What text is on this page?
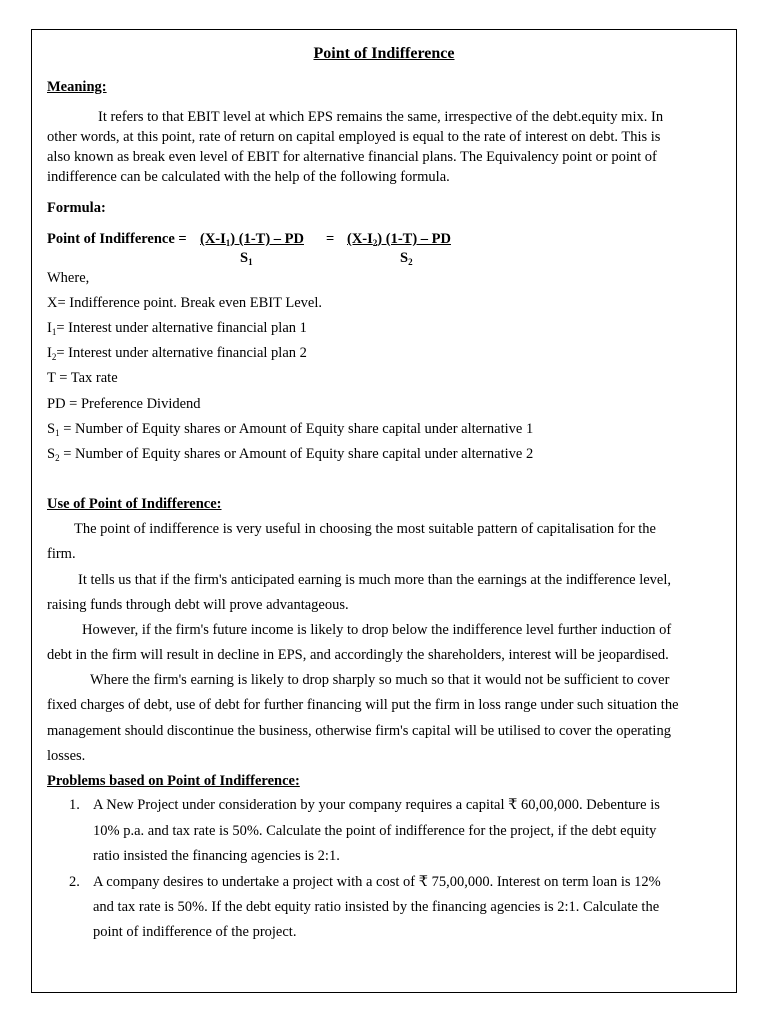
Point of Indifference
Meaning:
It refers to that EBIT level at which EPS remains the same, irrespective of the debt.equity mix. In
other words, at this point, rate of return on capital employed is equal to the rate of interest on debt. This is
also known as break even level of EBIT for alternative financial plans. The Equivalency point or point of
indifference can be calculated with the help of the following formula.
Formula:
Point of Indifference = $(X-I_1)$ (1-T) – PD = $(X-I_2)$ (1-T) – PD
$S_1$	$S_2$
Where,
X= Indifference point. Break even EBIT Level.
$I_1=$ Interest under alternative financial plan 1
$I_2=$ Interest under alternative financial plan 2
T = Tax rate
PD = Preference Dividend
$S_1$ = Number of Equity shares or Amount of Equity share capital under alternative 1
$S_2$ = Number of Equity shares or Amount of Equity share capital under alternative 2
Use of Point of Indifference:
The point of indifference is very useful in choosing the most suitable pattern of capitalisation for the
firm.
It tells us that if the firm's anticipated earning is much more than the earnings at the indifference level,
raising funds through debt will prove advantageous.
However, if the firm's future income is likely to drop below the indifference level further induction of
debt in the firm will result in decline in EPS, and accordingly the shareholders, interest will be jeopardised.
Where the firm's earning is likely to drop sharply so much so that it would not be sufficient to cover
fixed charges of debt, use of debt for further financing will put the firm in loss range under such situation the
management should discontinue the business, otherwise firm's capital will be utilised to cover the operating
losses.
Problems based on Point of Indifference:
1. A New Project under consideration by your company requires a capital ₹ 60,00,000. Debenture is
10% p.a. and tax rate is 50%. Calculate the point of indifference for the project, if the debt equity
ratio insisted the financing agencies is 2:1.
2. A company desires to undertake a project with a cost of ₹ 75,00,000. Interest on term loan is 12%
and tax rate is 50%. If the debt equity ratio insisted by the financing agencies is 2:1. Calculate the
point of indifference of the project.
